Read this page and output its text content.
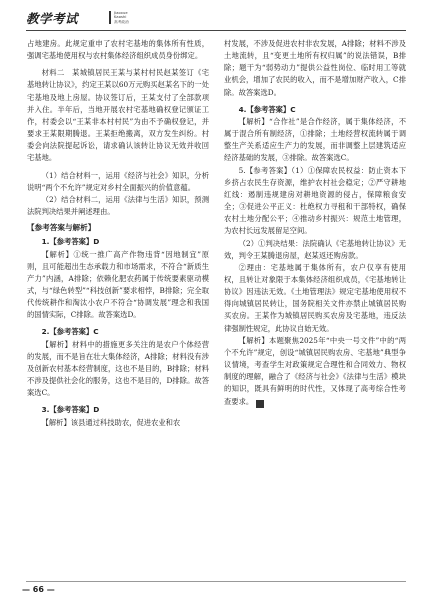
教学考试	Jiaoxue
Kaoshi
高考政治

占地建房。此规定重申了农村宅基地的集体所有性质，强调宅基地使用权与农村集体经济组织成员身份绑定。

材料二　某城镇居民王某与某村村民赵某签订《宅基地转让协议》，约定王某以60万元购买赵某名下的一处宅基地及地上房屋。协议签订后，王某支付了全部款项并入住。半年后，当地开展农村宅基地确权登记颁证工作，村委会以“王某非本村村民”为由不予确权登记，并要求王某限期腾退。王某拒绝搬离，双方发生纠纷。村委会向法院提起诉讼，请求确认该转让协议无效并收回宅基地。

（1）结合材料一，运用《经济与社会》知识，分析说明“两个不允许”规定对乡村全面振兴的价值意蕴。

（2）结合材料二，运用《法律与生活》知识，预测法院判决结果并阐述理由。

【参考答案与解析】

1.【参考答案】D

【解析】①统一推广高产作物违背“因地制宜”原则，且可能超出生态承载力和市场需求，不符合“新质生产力”内涵，A排除；依赖化肥农药属于传统要素驱动模式，与“绿色转型”“科技创新”要求相悖，B排除；完全取代传统耕作和淘汰小农户不符合“协调发展”理念和我国的国情实际，C排除。故答案选D。

2.【参考答案】C

【解析】材料中的措施更多关注的是农户个体经营的发展，而不是旨在壮大集体经济，A排除；材料没有涉及创新农村基本经营制度，这也不是目的，B排除；材料不涉及提供社会化的服务，这也不是目的，D排除。故答案选C。

3.【参考答案】D

【解析】该县通过科技助农，促进农业和农

村发展，不涉及促进农村非农发展，A排除；材料不涉及土地流转，且“变更土地所有权归属”的说法错误，B排除；题干为“弱势动力”提供公益性岗位、临时用工等就业机会，增加了农民的收入，而不是增加财产收入，C排除。故答案选D。

4.【参考答案】C

【解析】“合作社”是合作经济，属于集体经济，不属于混合所有制经济，①排除；土地经营权流转属于调整生产关系适应生产力的发展，而非调整上层建筑适应经济基础的发展，③排除。故答案选C。

5.【参考答案】（1）①保障农民权益：防止资本下乡挤占农民生存资源，维护农村社会稳定；②严守耕地红线：遏制违规建房对耕地资源的侵占，保障粮食安全；③促进公平正义：杜绝权力寻租和干部特权，确保农村土地分配公平；④推动乡村振兴：规范土地管理，为农村长远发展留足空间。

（2）①判决结果：法院确认《宅基地转让协议》无效，判令王某腾退房屋，赵某返还购房款。

②理由：宅基地属于集体所有，农户仅享有使用权，且转让对象限于本集体经济组织成员，《宅基地转让协议》因违法无效。《土地管理法》规定宅基地使用权不得向城镇居民转让，国务院相关文件亦禁止城镇居民购买农房。王某作为城镇居民购买农房及宅基地，违反法律强制性规定，此协议自始无效。

【解析】本题聚焦2025年“中央一号文件”中的“两个不允许”规定，创设“城镇居民购农房、宅基地”典型争议情境，考查学生对政策规定合理性和合同效力、物权制度的理解，融合了《经济与社会》《法律与生活》模块的知识，既具有鲜明的时代性，又体现了高考综合性考查要求。	■

— 66 —
